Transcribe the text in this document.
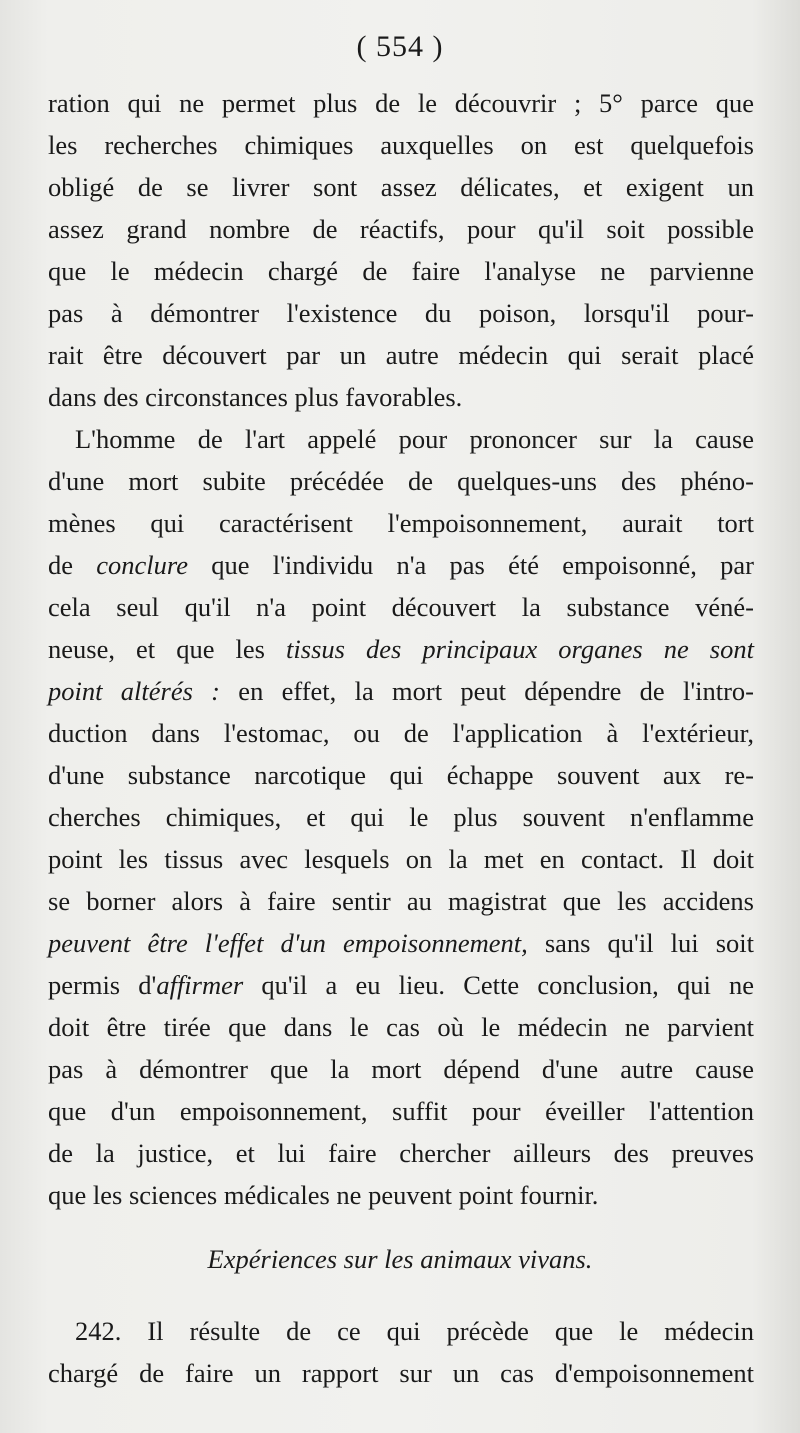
( 554 )
ration qui ne permet plus de le découvrir ; 5° parce que
les recherches chimiques auxquelles on est quelquefois
obligé de se livrer sont assez délicates, et exigent un
assez grand nombre de réactifs, pour qu'il soit possible
que le médecin chargé de faire l'analyse ne parvienne
pas à démontrer l'existence du poison, lorsqu'il pour-
rait être découvert par un autre médecin qui serait placé
dans des circonstances plus favorables.
L'homme de l'art appelé pour prononcer sur la cause
d'une mort subite précédée de quelques-uns des phéno-
mènes qui caractérisent l'empoisonnement, aurait tort
de conclure que l'individu n'a pas été empoisonné, par
cela seul qu'il n'a point découvert la substance véné-
neuse, et que les tissus des principaux organes ne sont
point altérés : en effet, la mort peut dépendre de l'intro-
duction dans l'estomac, ou de l'application à l'extérieur,
d'une substance narcotique qui échappe souvent aux re-
cherches chimiques, et qui le plus souvent n'enflamme
point les tissus avec lesquels on la met en contact. Il doit
se borner alors à faire sentir au magistrat que les accidens
peuvent être l'effet d'un empoisonnement, sans qu'il lui soit
permis d'affirmer qu'il a eu lieu. Cette conclusion, qui ne
doit être tirée que dans le cas où le médecin ne parvient
pas à démontrer que la mort dépend d'une autre cause
que d'un empoisonnement, suffit pour éveiller l'attention
de la justice, et lui faire chercher ailleurs des preuves
que les sciences médicales ne peuvent point fournir.
Expériences sur les animaux vivans.
242. Il résulte de ce qui précède que le médecin
chargé de faire un rapport sur un cas d'empoisonnement
